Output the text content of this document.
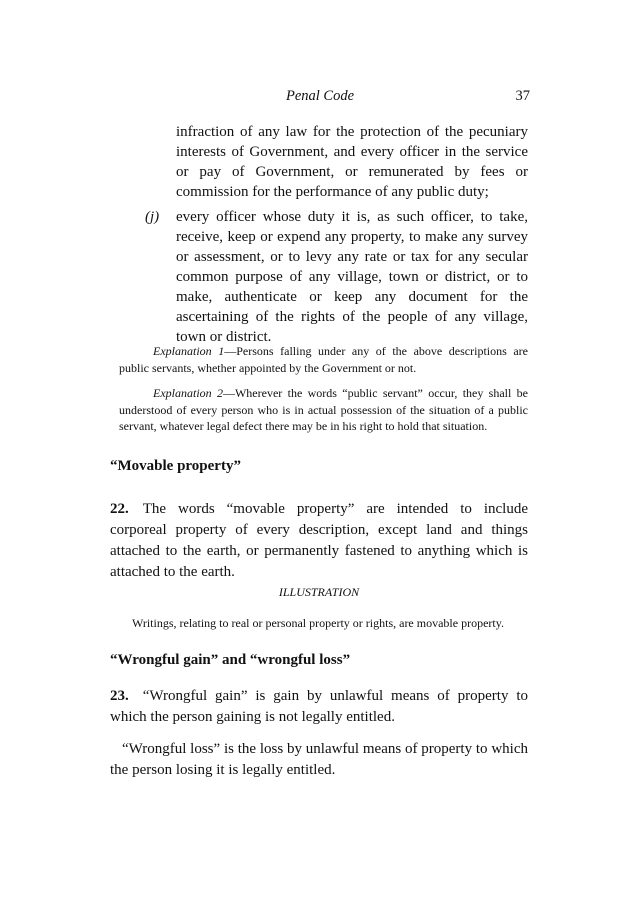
Penal Code	37
infraction of any law for the protection of the pecuniary interests of Government, and every officer in the service or pay of Government, or remunerated by fees or commission for the performance of any public duty;
(j) every officer whose duty it is, as such officer, to take, receive, keep or expend any property, to make any survey or assessment, or to levy any rate or tax for any secular common purpose of any village, town or district, or to make, authenticate or keep any document for the ascertaining of the rights of the people of any village, town or district.
Explanation 1—Persons falling under any of the above descriptions are public servants, whether appointed by the Government or not.
Explanation 2—Wherever the words “public servant” occur, they shall be understood of every person who is in actual possession of the situation of a public servant, whatever legal defect there may be in his right to hold that situation.
“Movable property”
22. The words “movable property” are intended to include corporeal property of every description, except land and things attached to the earth, or permanently fastened to anything which is attached to the earth.
ILLUSTRATION
Writings, relating to real or personal property or rights, are movable property.
“Wrongful gain” and “wrongful loss”
23. “Wrongful gain” is gain by unlawful means of property to which the person gaining is not legally entitled.
“Wrongful loss” is the loss by unlawful means of property to which the person losing it is legally entitled.
